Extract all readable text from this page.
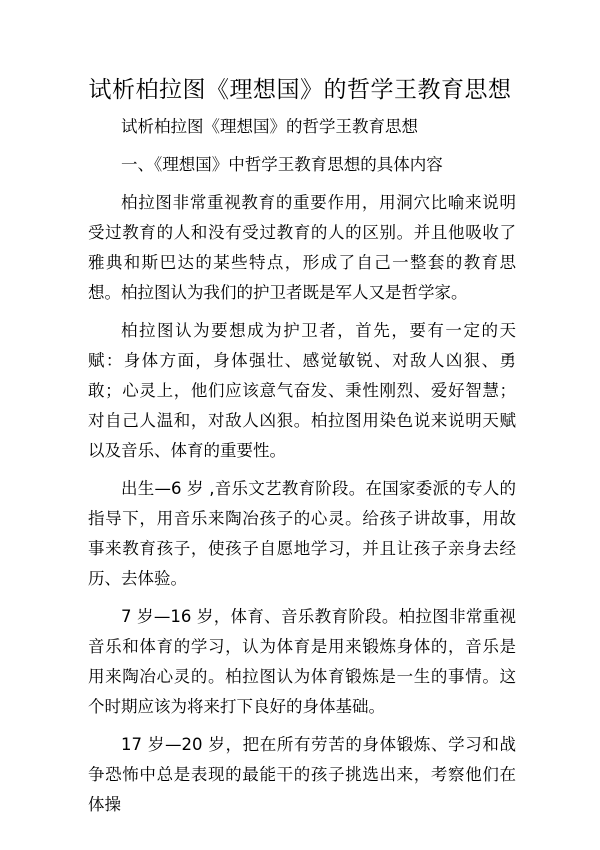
试析柏拉图《理想国》的哲学王教育思想

试析柏拉图《理想国》的哲学王教育思想

一、《理想国》中哲学王教育思想的具体内容

柏拉图非常重视教育的重要作用，用洞穴比喻来说明受过教育的人和没有受过教育的人的区别。并且他吸收了雅典和斯巴达的某些特点，形成了自己一整套的教育思想。柏拉图认为我们的护卫者既是军人又是哲学家。

柏拉图认为要想成为护卫者，首先，要有一定的天赋：身体方面，身体强壮、感觉敏锐、对敌人凶狠、勇敢；心灵上，他们应该意气奋发、秉性刚烈、爱好智慧；对自己人温和，对敌人凶狠。柏拉图用染色说来说明天赋以及音乐、体育的重要性。

出生—6 岁 ,音乐文艺教育阶段。在国家委派的专人的指导下，用音乐来陶冶孩子的心灵。给孩子讲故事，用故事来教育孩子，使孩子自愿地学习，并且让孩子亲身去经历、去体验。

7 岁—16 岁，体育、音乐教育阶段。柏拉图非常重视音乐和体育的学习，认为体育是用来锻炼身体的，音乐是用来陶冶心灵的。柏拉图认为体育锻炼是一生的事情。这个时期应该为将来打下良好的身体基础。

17 岁—20 岁，把在所有劳苦的身体锻炼、学习和战争恐怖中总是表现的最能干的孩子挑选出来，考察他们在体操
